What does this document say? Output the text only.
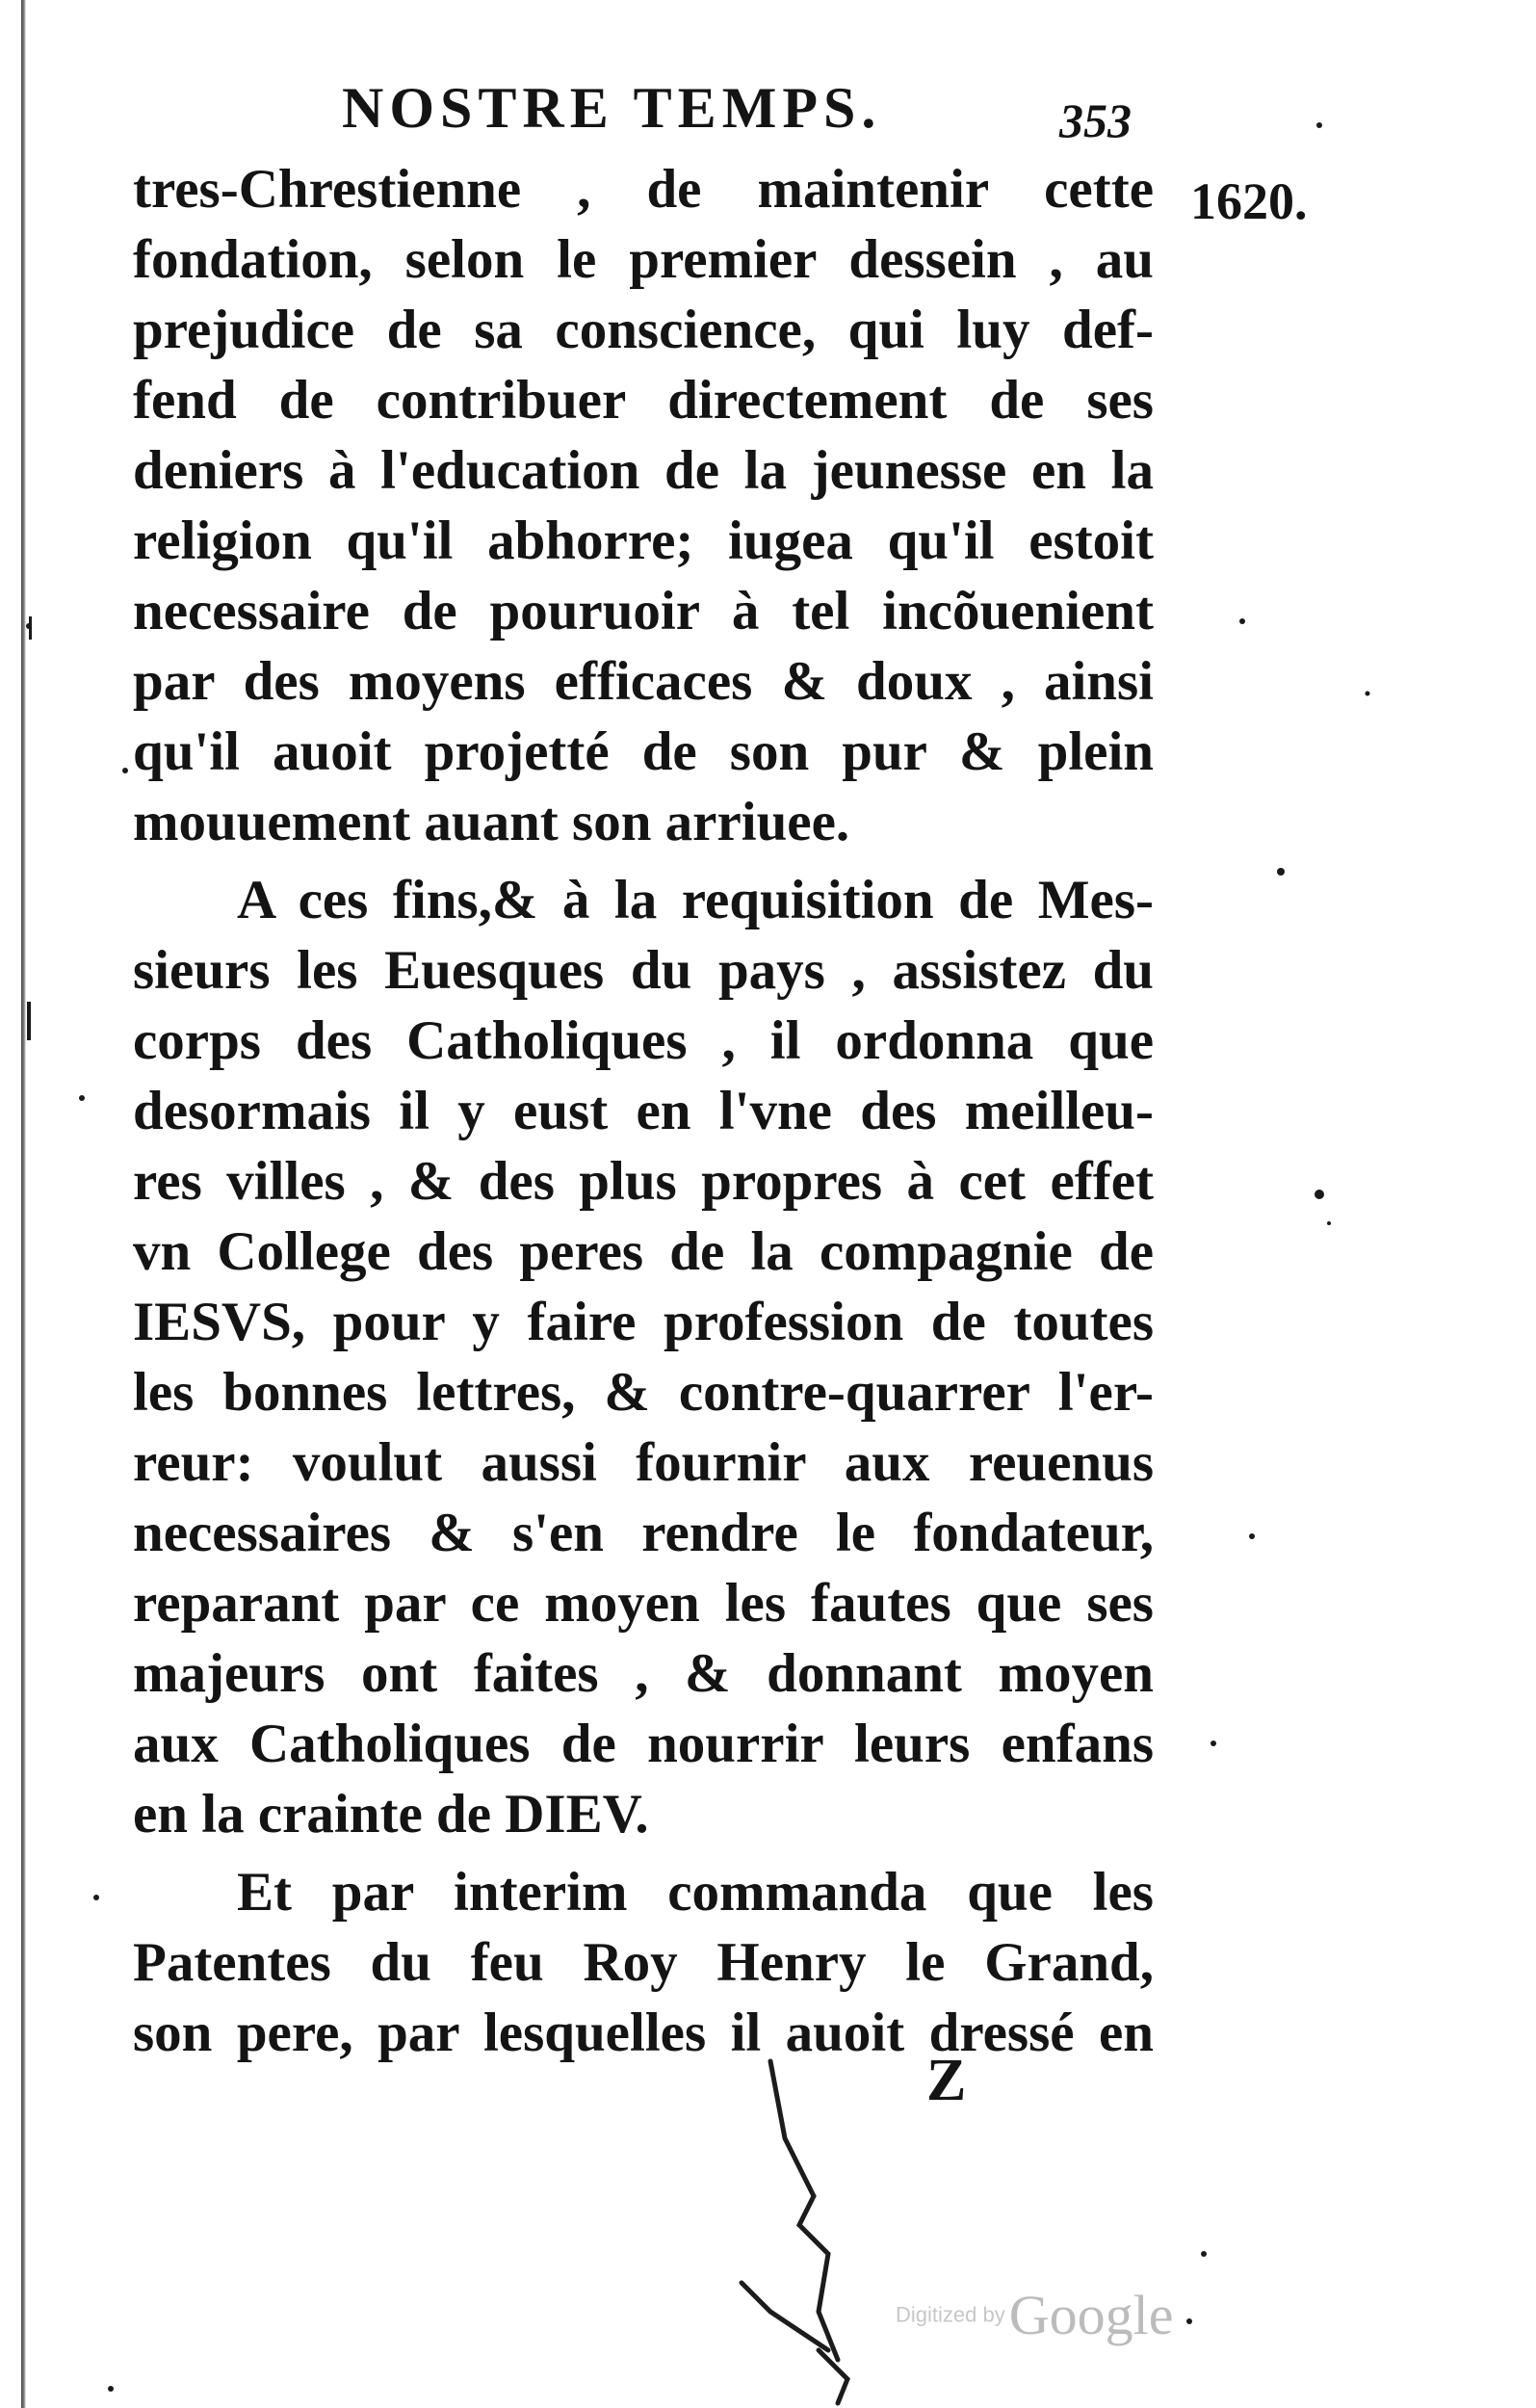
NOSTRE TEMPS.	353
1620.
tres-Chrestienne , de maintenir cette
fondation, selon le premier dessein , au
prejudice de sa conscience, qui luy def-
fend de contribuer directement de ses
deniers à l'education de la jeunesse en la
religion qu'il abhorre; iugea qu'il estoit
necessaire de pouruoir à tel incõuenient
par des moyens efficaces & doux , ainsi
qu'il auoit projetté de son pur & plein
mouuement auant son arriuee.
A ces fins,& à la requisition de Mes-
sieurs les Euesques du pays , assistez du
corps des Catholiques , il ordonna que
desormais il y eust en l'vne des meilleu-
res villes , & des plus propres à cet effet
vn College des peres de la compagnie de
IESVS, pour y faire profession de toutes
les bonnes lettres, & contre-quarrer l'er-
reur: voulut aussi fournir aux reuenus
necessaires & s'en rendre le fondateur,
reparant par ce moyen les fautes que ses
majeurs ont faites , & donnant moyen
aux Catholiques de nourrir leurs enfans
en la crainte de DIEV.
Et par interim commanda que les
Patentes du feu Roy Henry le Grand,
son pere, par lesquelles il auoit dressé en
Z
Digitized by Google
